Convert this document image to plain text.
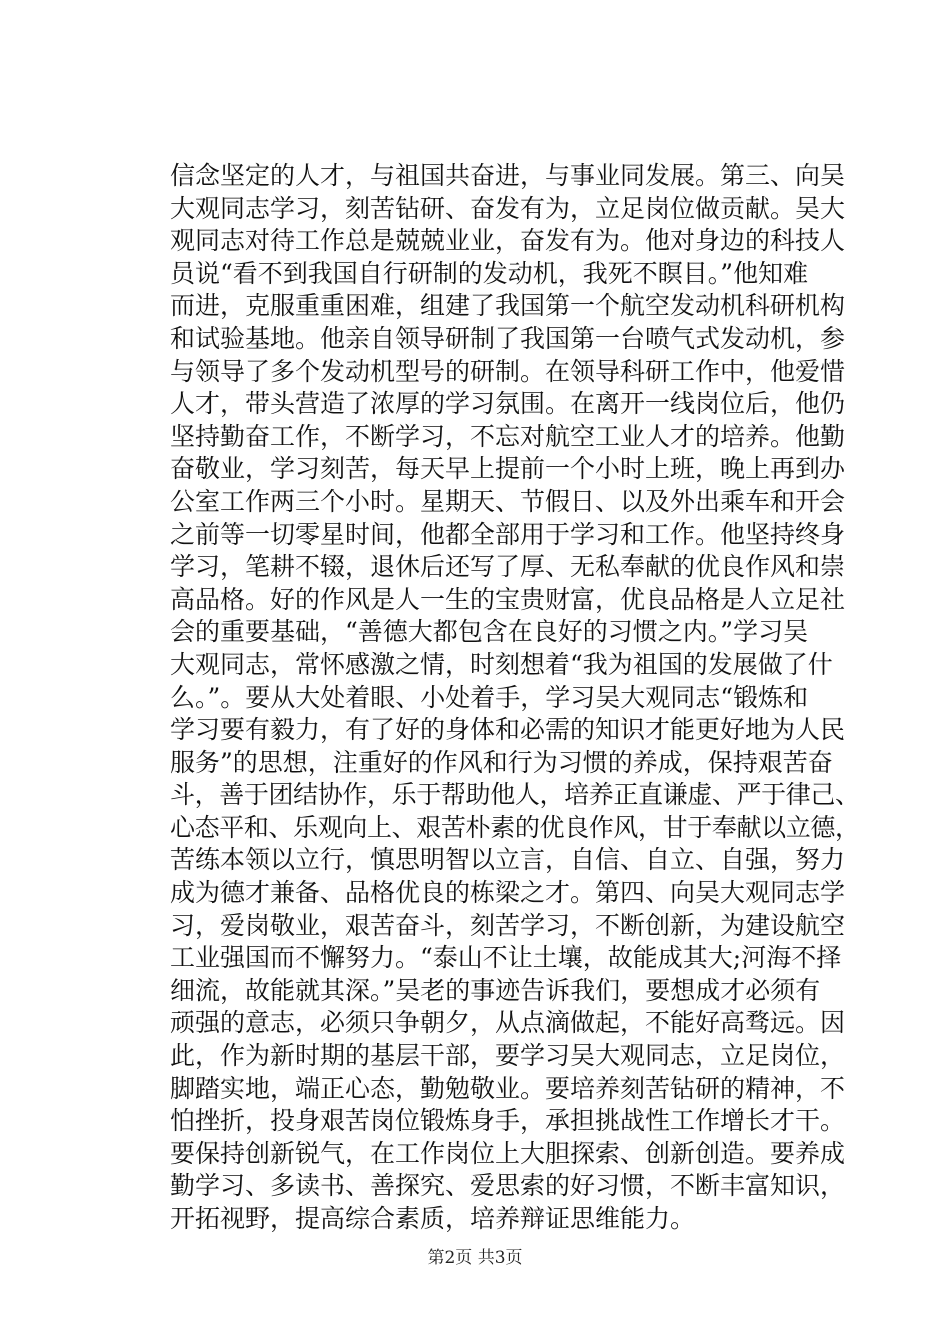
信念坚定的人才，与祖国共奋进，与事业同发展。第三、向吴
大观同志学习，刻苦钻研、奋发有为，立足岗位做贡献。吴大
观同志对待工作总是兢兢业业，奋发有为。他对身边的科技人
员说“看不到我国自行研制的发动机，我死不瞑目。”他知难
而进，克服重重困难，组建了我国第一个航空发动机科研机构
和试验基地。他亲自领导研制了我国第一台喷气式发动机，参
与领导了多个发动机型号的研制。在领导科研工作中，他爱惜
人才，带头营造了浓厚的学习氛围。在离开一线岗位后，他仍
坚持勤奋工作，不断学习，不忘对航空工业人才的培养。他勤
奋敬业，学习刻苦，每天早上提前一个小时上班，晚上再到办
公室工作两三个小时。星期天、节假日、以及外出乘车和开会
之前等一切零星时间，他都全部用于学习和工作。他坚持终身
学习，笔耕不辍，退休后还写了厚、无私奉献的优良作风和崇
高品格。好的作风是人一生的宝贵财富，优良品格是人立足社
会的重要基础，“善德大都包含在良好的习惯之内。”学习吴
大观同志，常怀感激之情，时刻想着“我为祖国的发展做了什
么。”。要从大处着眼、小处着手，学习吴大观同志“锻炼和
学习要有毅力，有了好的身体和必需的知识才能更好地为人民
服务”的思想，注重好的作风和行为习惯的养成，保持艰苦奋
斗，善于团结协作，乐于帮助他人，培养正直谦虚、严于律己、
心态平和、乐观向上、艰苦朴素的优良作风，甘于奉献以立德，
苦练本领以立行，慎思明智以立言，自信、自立、自强，努力
成为德才兼备、品格优良的栋梁之才。第四、向吴大观同志学
习，爱岗敬业，艰苦奋斗，刻苦学习，不断创新，为建设航空
工业强国而不懈努力。“泰山不让土壤，故能成其大;河海不择
细流，故能就其深。”吴老的事迹告诉我们，要想成才必须有
顽强的意志，必须只争朝夕，从点滴做起，不能好高骛远。因
此，作为新时期的基层干部，要学习吴大观同志，立足岗位，
脚踏实地，端正心态，勤勉敬业。要培养刻苦钻研的精神，不
怕挫折，投身艰苦岗位锻炼身手，承担挑战性工作增长才干。
要保持创新锐气，在工作岗位上大胆探索、创新创造。要养成
勤学习、多读书、善探究、爱思索的好习惯，不断丰富知识，
开拓视野，提高综合素质，培养辩证思维能力。
第2页 共3页
